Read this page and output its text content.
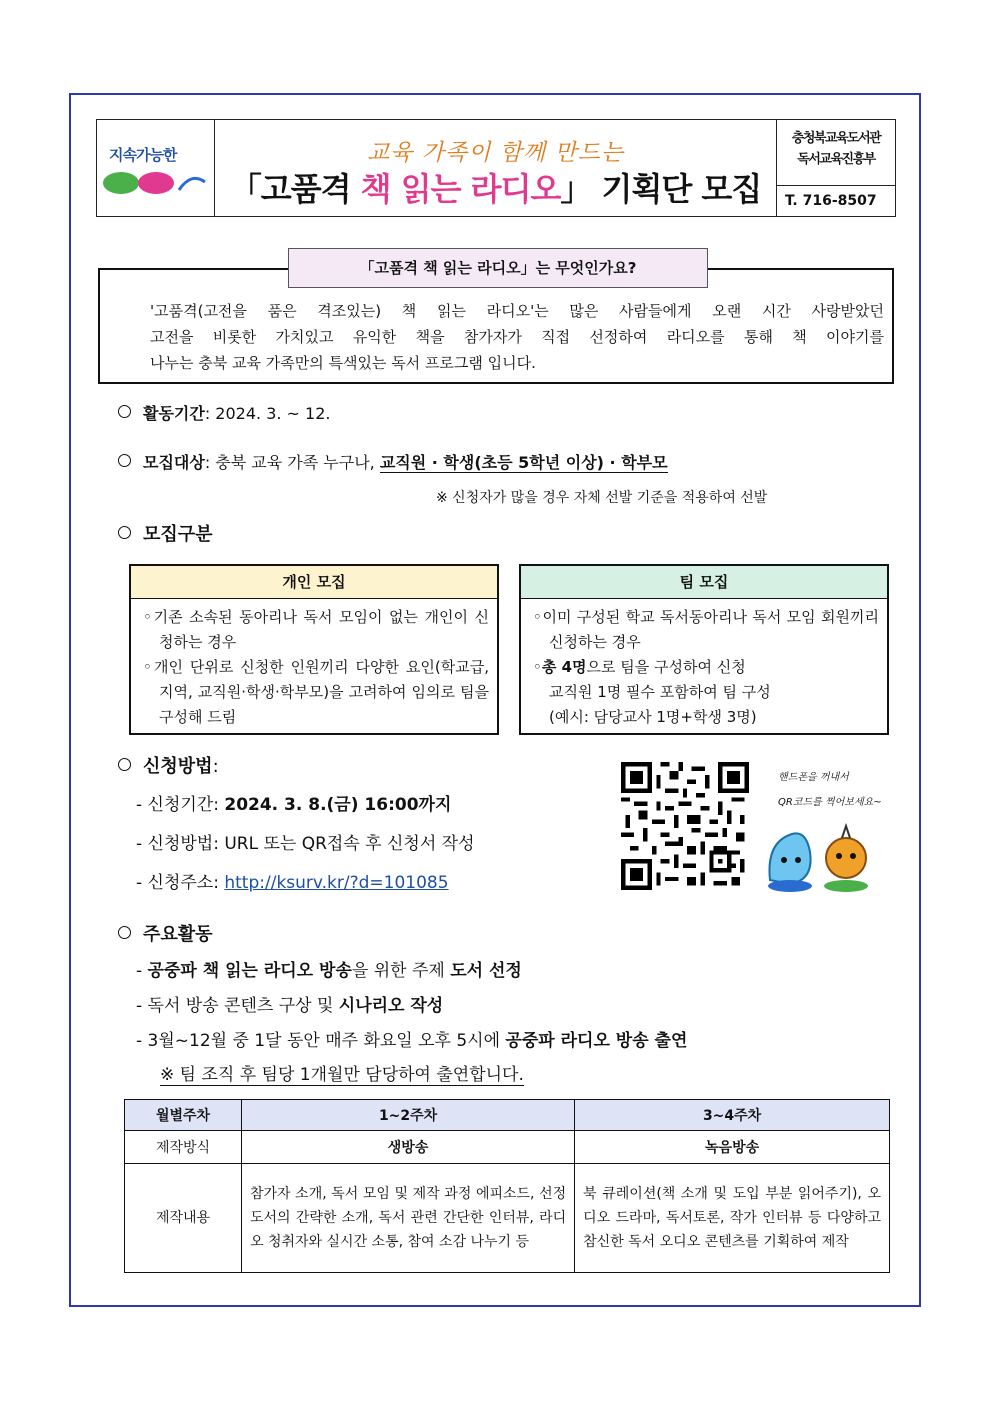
지속가능한	교육 가족이 함께 만드는
「고품격 책 읽는 라디오」 기획단 모집
충청북교육도서관
독서교육진흥부
T. 716-8507
「고품격 책 읽는 라디오」는 무엇인가요?
'고품격(고전을 품은 격조있는) 책 읽는 라디오'는 많은 사람들에게 오랜 시간 사랑받았던
고전을 비롯한 가치있고 유익한 책을 참가자가 직접 선정하여 라디오를 통해 책 이야기를
나누는 충북 교육 가족만의 특색있는 독서 프로그램 입니다.
활동기간: 2024. 3. ~ 12.
모집대상: 충북 교육 가족 누구나, 교직원 · 학생(초등 5학년 이상) · 학부모
※ 신청자가 많을 경우 자체 선발 기준을 적용하여 선발
모집구분
개인 모집
◦기존 소속된 동아리나 독서 모임이 없는 개인이 신청하는 경우
◦개인 단위로 신청한 인원끼리 다양한 요인(학교급, 지역, 교직원·학생·학부모)을 고려하여 임의로 팀을 구성해 드림
팀 모집
◦이미 구성된 학교 독서동아리나 독서 모임 회원끼리 신청하는 경우
◦총 4명으로 팀을 구성하여 신청
교직원 1명 필수 포함하여 팀 구성
(예시: 담당교사 1명+학생 3명)
신청방법:
- 신청기간: 2024. 3. 8.(금) 16:00까지
- 신청방법: URL 또는 QR접속 후 신청서 작성
- 신청주소: http://ksurv.kr/?d=101085
핸드폰을 꺼내서
QR코드를 찍어보세요~
주요활동
- 공중파 책 읽는 라디오 방송을 위한 주제 도서 선정
- 독서 방송 콘텐츠 구상 및 시나리오 작성
- 3월~12월 중 1달 동안 매주 화요일 오후 5시에 공중파 라디오 방송 출연
※ 팀 조직 후 팀당 1개월만 담당하여 출연합니다.
월별주차	1~2주차	3~4주차
제작방식	생방송	녹음방송
제작내용	참가자 소개, 독서 모임 및 제작 과정 에피소드, 선정 도서의 간략한 소개, 독서 관련 간단한 인터뷰, 라디오 청취자와 실시간 소통, 참여 소감 나누기 등	북 큐레이션(책 소개 및 도입 부분 읽어주기), 오디오 드라마, 독서토론, 작가 인터뷰 등 다양하고 참신한 독서 오디오 콘텐츠를 기획하여 제작
